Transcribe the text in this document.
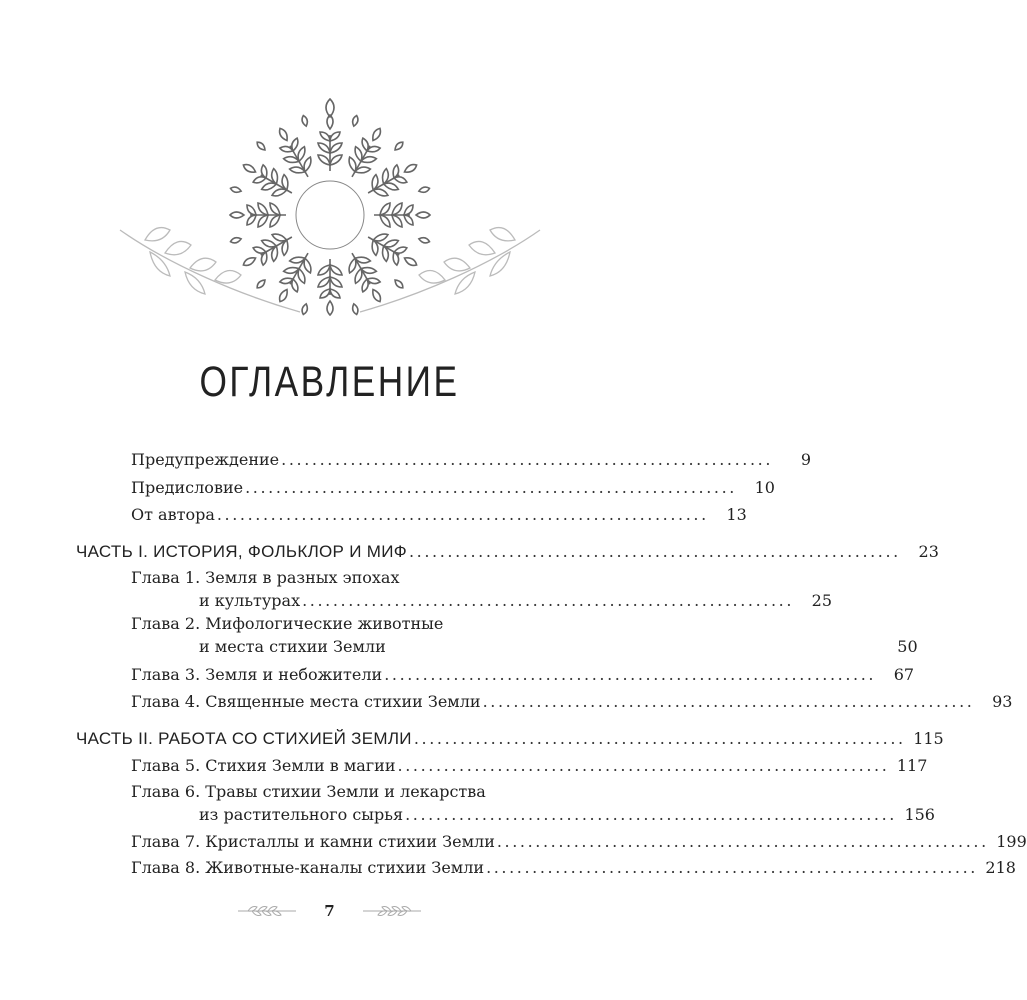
ОГЛАВЛЕНИЕ
Предупреждение ................................................................	9
Предисловие ................................................................	10
От автора ................................................................	13
ЧАСТЬ I. ИСТОРИЯ, ФОЛЬКЛОР И МИФ ................................................................	23
Глава 1. Земля в разных эпохах
и культурах ................................................................	25
Глава 2. Мифологические животные
и места стихии Земли	50
Глава 3. Земля и небожители ................................................................	67
Глава 4. Священные места стихии Земли ................................................................	93
ЧАСТЬ II. РАБОТА СО СТИХИЕЙ ЗЕМЛИ ................................................................ 115
Глава 5. Стихия Земли в магии ................................................................ 117
Глава 6. Травы стихии Земли и лекарства
из растительного сырья ................................................................ 156
Глава 7. Кристаллы и камни стихии Земли ................................................................ 199
Глава 8. Животные-каналы стихии Земли ................................................................ 218
7
